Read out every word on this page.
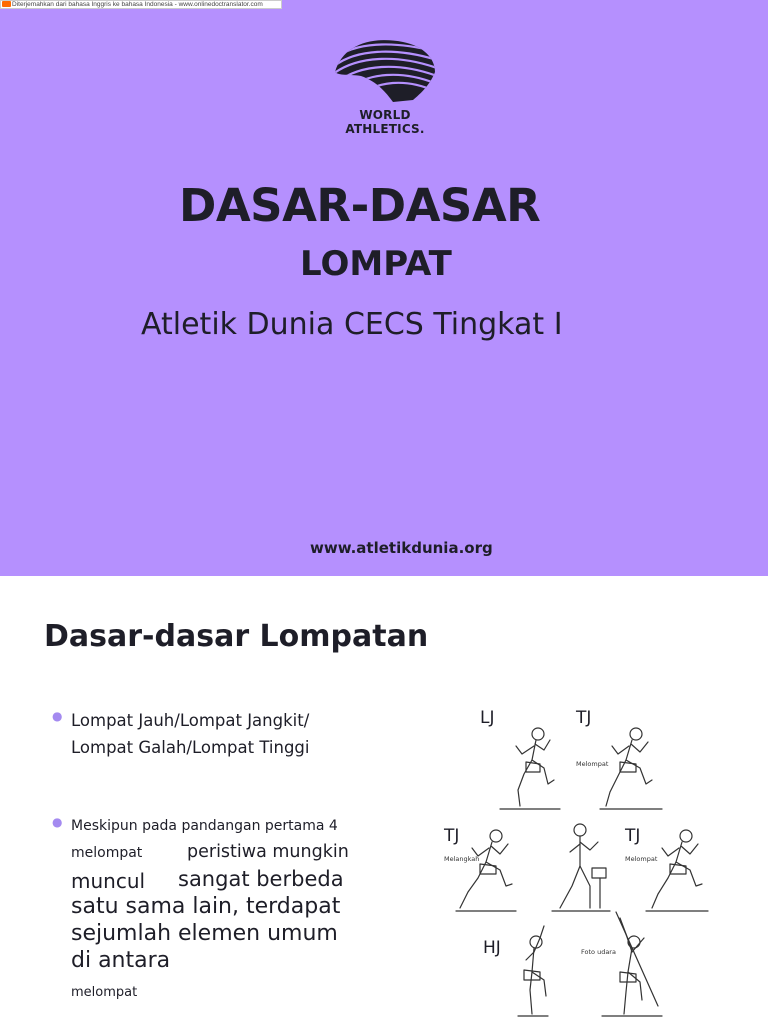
WORLD
ATHLETICS.
DASAR-DASAR
LOMPAT
Atletik Dunia CECS Tingkat I
www.atletikdunia.org
Diterjemahkan dari bahasa Inggris ke bahasa Indonesia - www.onlinedoctranslator.com
Dasar-dasar Lompatan
● Lompat Jauh/Lompat Jangkit/
Lompat Galah/Lompat Tinggi
● Meskipun pada pandangan pertama 4
melompat	peristiwa mungkin
muncul sangat berbeda
satu sama lain, terdapat
sejumlah elemen umum
di antara
melompat
LJ	TJ
Melompat
TJ
Melangkah
TJ
Melompat
HJ	Foto udara
